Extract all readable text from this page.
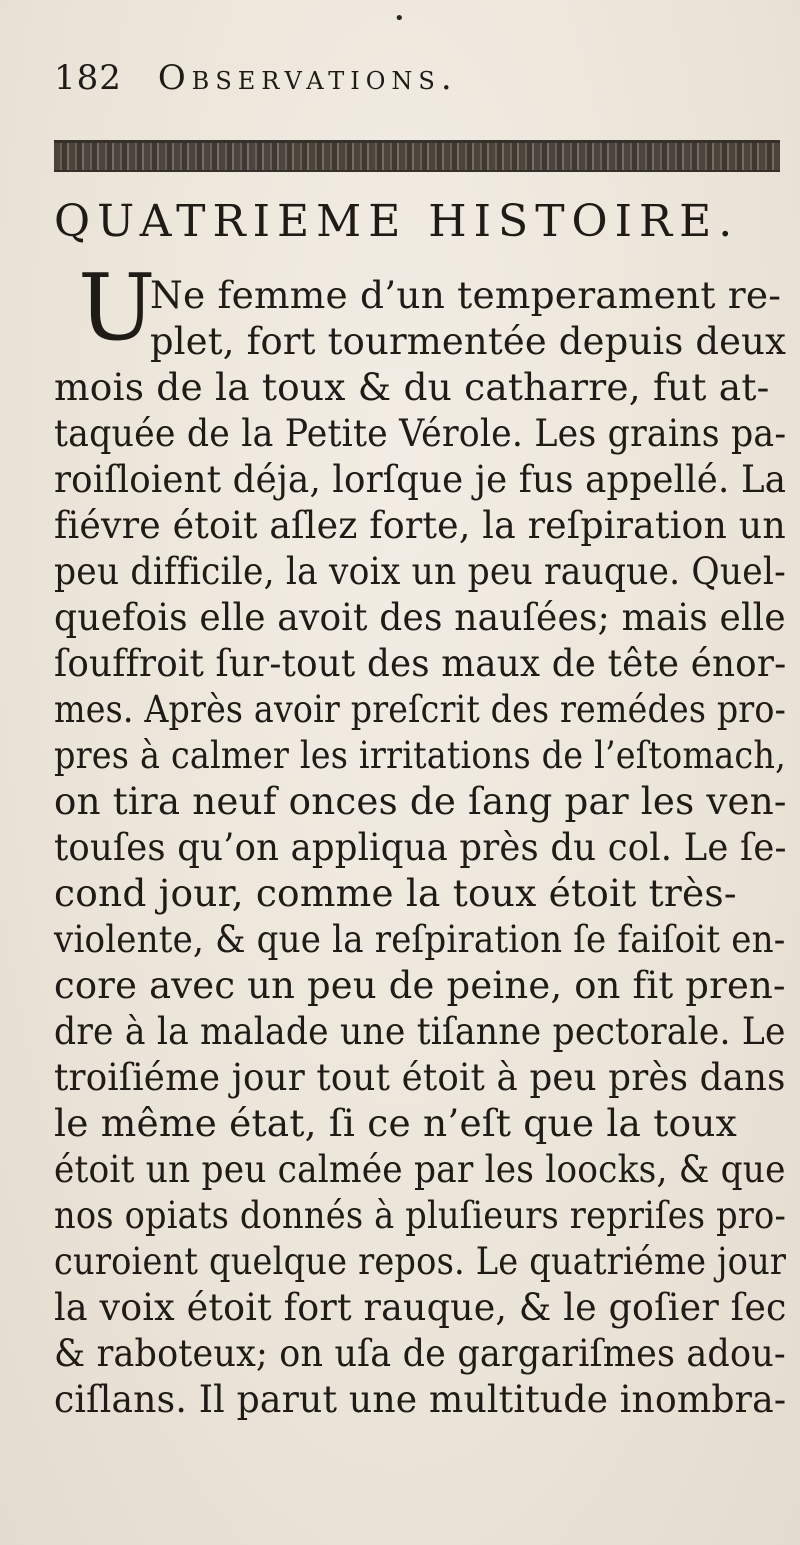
•
182 Observations.
QUATRIEME HISTOIRE.
U
Ne femme d’un temperament re-
plet, fort tourmentée depuis deux
mois de la toux & du catharre, fut at-
taquée de la Petite Vérole. Les grains pa-
roiſloient déja, lorſque je fus appellé. La
fiévre étoit aſlez forte, la reſpiration un
peu difficile, la voix un peu rauque. Quel-
quefois elle avoit des nauſées; mais elle
ſouffroit ſur-tout des maux de tête énor-
mes. Après avoir preſcrit des remédes pro-
pres à calmer les irritations de l’eſtomach,
on tira neuf onces de ſang par les ven-
touſes qu’on appliqua près du col. Le ſe-
cond jour, comme la toux étoit très-
violente, & que la reſpiration ſe faiſoit en-
core avec un peu de peine, on fit pren-
dre à la malade une tiſanne pectorale. Le
troiſiéme jour tout étoit à peu près dans
le même état, ſi ce n’eſt que la toux
étoit un peu calmée par les loocks, & que
nos opiats donnés à pluſieurs repriſes pro-
curoient quelque repos. Le quatriéme jour
la voix étoit fort rauque, & le goſier ſec
& raboteux; on uſa de gargariſmes adou-
ciſlans. Il parut une multitude inombra-
